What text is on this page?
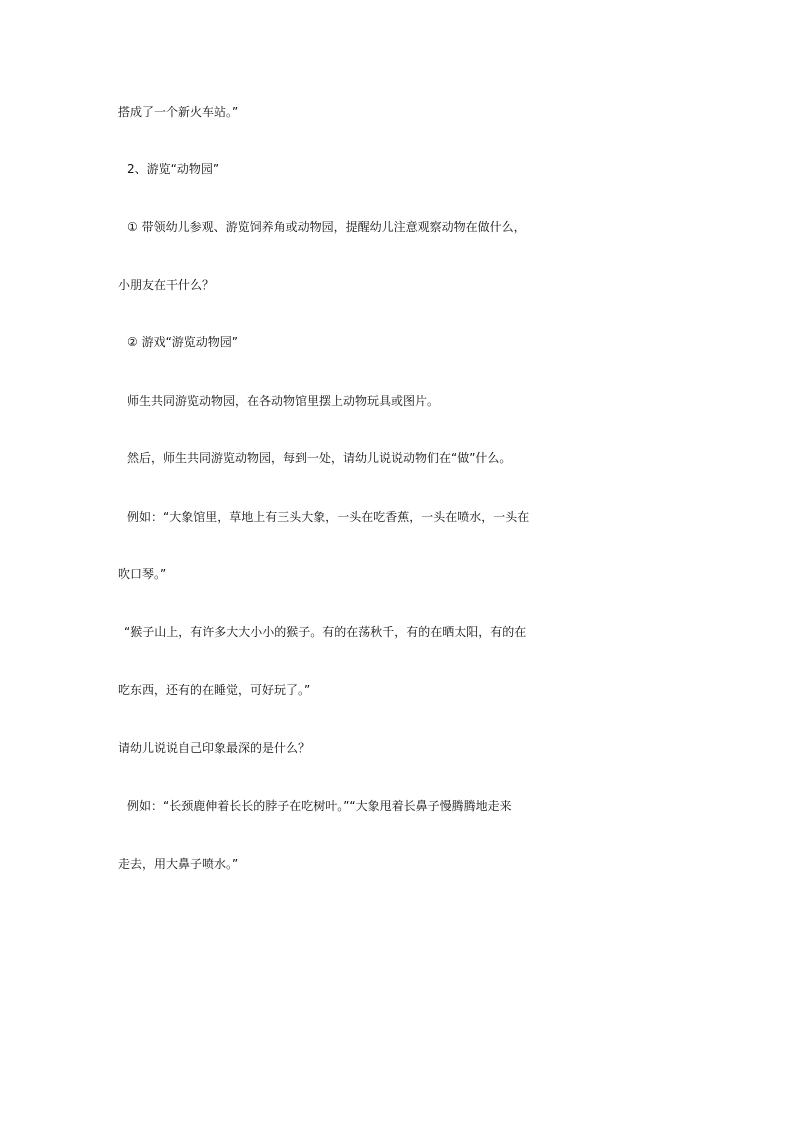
搭成了一个新火车站。”
2、游览“动物园”
① 带领幼儿参观、游览饲养角或动物园，提醒幼儿注意观察动物在做什么，
小朋友在干什么？
② 游戏“游览动物园”
师生共同游览动物园，在各动物馆里摆上动物玩具或图片。
然后，师生共同游览动物园，每到一处，请幼儿说说动物们在“做”什么。
例如：“大象馆里，草地上有三头大象，一头在吃香蕉，一头在喷水，一头在
吹口琴。”
“猴子山上，有许多大大小小的猴子。有的在荡秋千，有的在晒太阳，有的在
吃东西，还有的在睡觉，可好玩了。”
请幼儿说说自己印象最深的是什么？
例如：“长颈鹿伸着长长的脖子在吃树叶。”“大象甩着长鼻子慢腾腾地走来
走去，用大鼻子喷水。”
